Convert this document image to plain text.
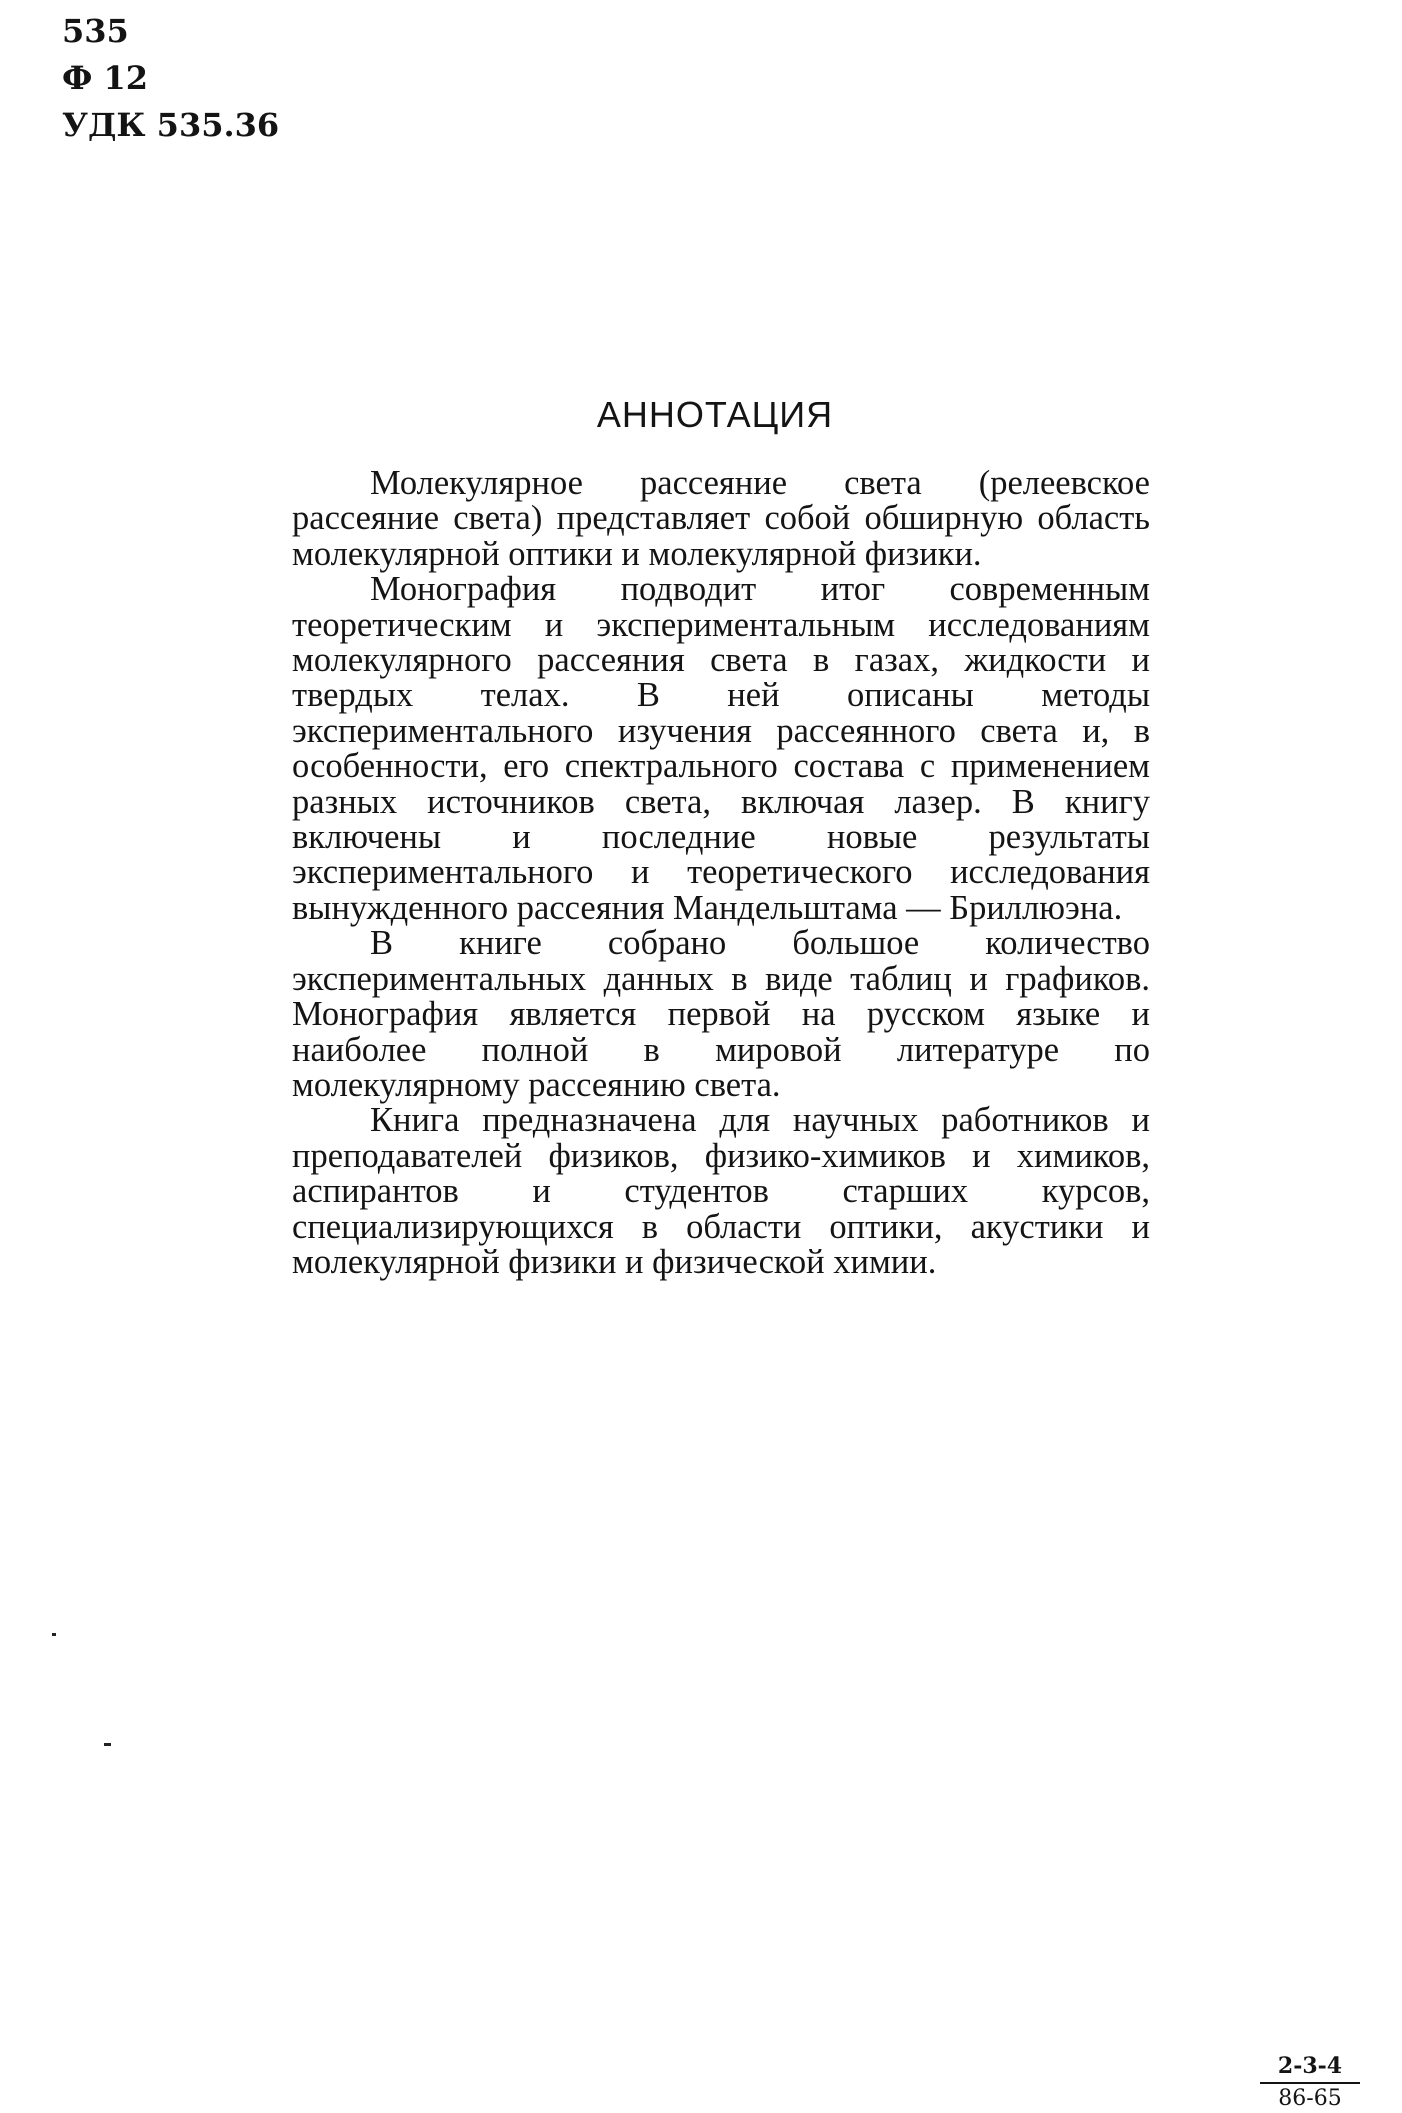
535
Ф 12
УДК 535.36
АННОТАЦИЯ

Молекулярное рассеяние света (релеевское рассеяние света) представляет собой обширную область молекулярной оптики и молекулярной физики.

Монография подводит итог современным теоретическим и экспериментальным исследованиям молекулярного рассеяния света в газах, жидкости и твердых телах. В ней описаны методы экспериментального изучения рассеянного света и, в особенности, его спектрального состава с применением разных источников света, включая лазер. В книгу включены и последние новые результаты экспериментального и теоретического исследования вынужденного рассеяния Мандельштама — Бриллюэна.

В книге собрано большое количество экспериментальных данных в виде таблиц и графиков. Монография является первой на русском языке и наиболее полной в мировой литературе по молекулярному рассеянию света.

Книга предназначена для научных работников и преподавателей физиков, физико-химиков и химиков, аспирантов и студентов старших курсов, специализирующихся в области оптики, акустики и молекулярной физики и физической химии.

$\frac{2-3-4}{86-65}$
